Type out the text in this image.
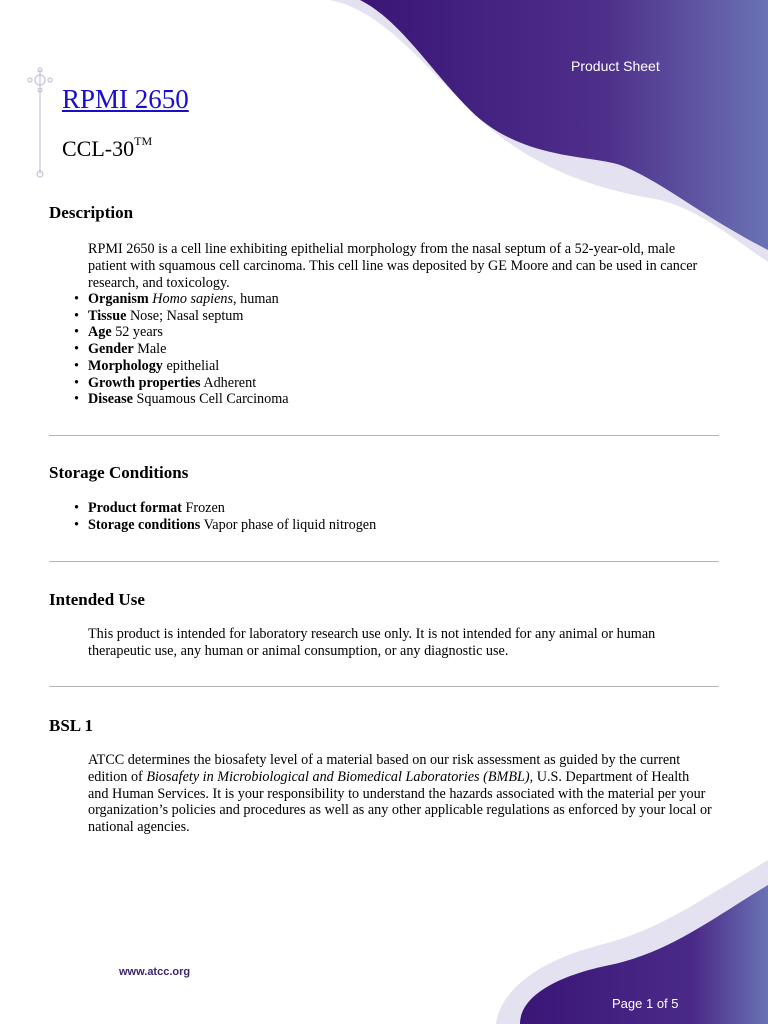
Product Sheet
RPMI 2650
CCL-30™
Description

RPMI 2650 is a cell line exhibiting epithelial morphology from the nasal septum of a 52-year-old, male patient with squamous cell carcinoma. This cell line was deposited by GE Moore and can be used in cancer research, and toxicology.

• Organism Homo sapiens, human
• Tissue Nose; Nasal septum
• Age 52 years
• Gender Male
• Morphology epithelial
• Growth properties Adherent
• Disease Squamous Cell Carcinoma
Storage Conditions
• Product format Frozen
• Storage conditions Vapor phase of liquid nitrogen
Intended Use

This product is intended for laboratory research use only. It is not intended for any animal or human therapeutic use, any human or animal consumption, or any diagnostic use.

BSL 1

ATCC determines the biosafety level of a material based on our risk assessment as guided by the current edition of Biosafety in Microbiological and Biomedical Laboratories (BMBL), U.S. Department of Health and Human Services. It is your responsibility to understand the hazards associated with the material per your organization’s policies and procedures as well as any other applicable regulations as enforced by your local or national agencies.

www.atcc.org
Page 1 of 5
